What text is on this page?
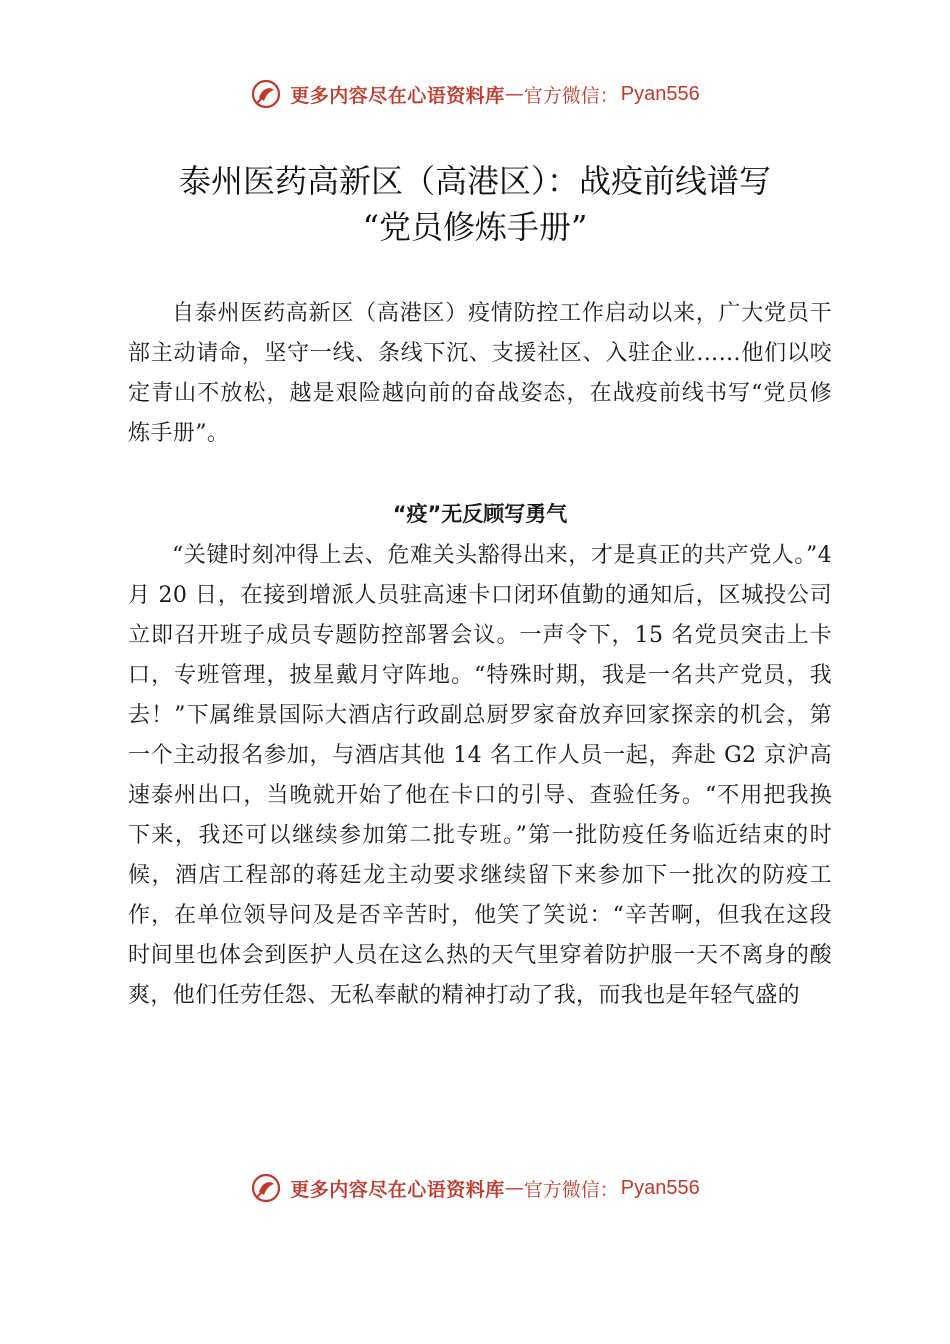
更多内容尽在心语资料库 — 官方微信： Pyan556
泰州医药高新区（高港区）：战疫前线谱写
“党员修炼手册”

自泰州医药高新区（高港区）疫情防控工作启动以来，广大党员干部主动请命，坚守一线、条线下沉、支援社区、入驻企业……他们以咬定青山不放松，越是艰险越向前的奋战姿态，在战疫前线书写“党员修炼手册”。

“疫”无反顾写勇气

“关键时刻冲得上去、危难关头豁得出来，才是真正的共产党人。”4 月 20 日，在接到增派人员驻高速卡口闭环值勤的通知后，区城投公司立即召开班子成员专题防控部署会议。一声令下，15 名党员突击上卡口，专班管理，披星戴月守阵地。“特殊时期，我是一名共产党员，我去！”下属维景国际大酒店行政副总厨罗家奋放弃回家探亲的机会，第一个主动报名参加，与酒店其他 14 名工作人员一起，奔赴 G2 京沪高速泰州出口，当晚就开始了他在卡口的引导、查验任务。“不用把我换下来，我还可以继续参加第二批专班。”第一批防疫任务临近结束的时候，酒店工程部的蒋廷龙主动要求继续留下来参加下一批次的防疫工作，在单位领导问及是否辛苦时，他笑了笑说：“辛苦啊，但我在这段时间里也体会到医护人员在这么热的天气里穿着防护服一天不离身的酸爽，他们任劳任怨、无私奉献的精神打动了我，而我也是年轻气盛的

更多内容尽在心语资料库 — 官方微信： Pyan556
